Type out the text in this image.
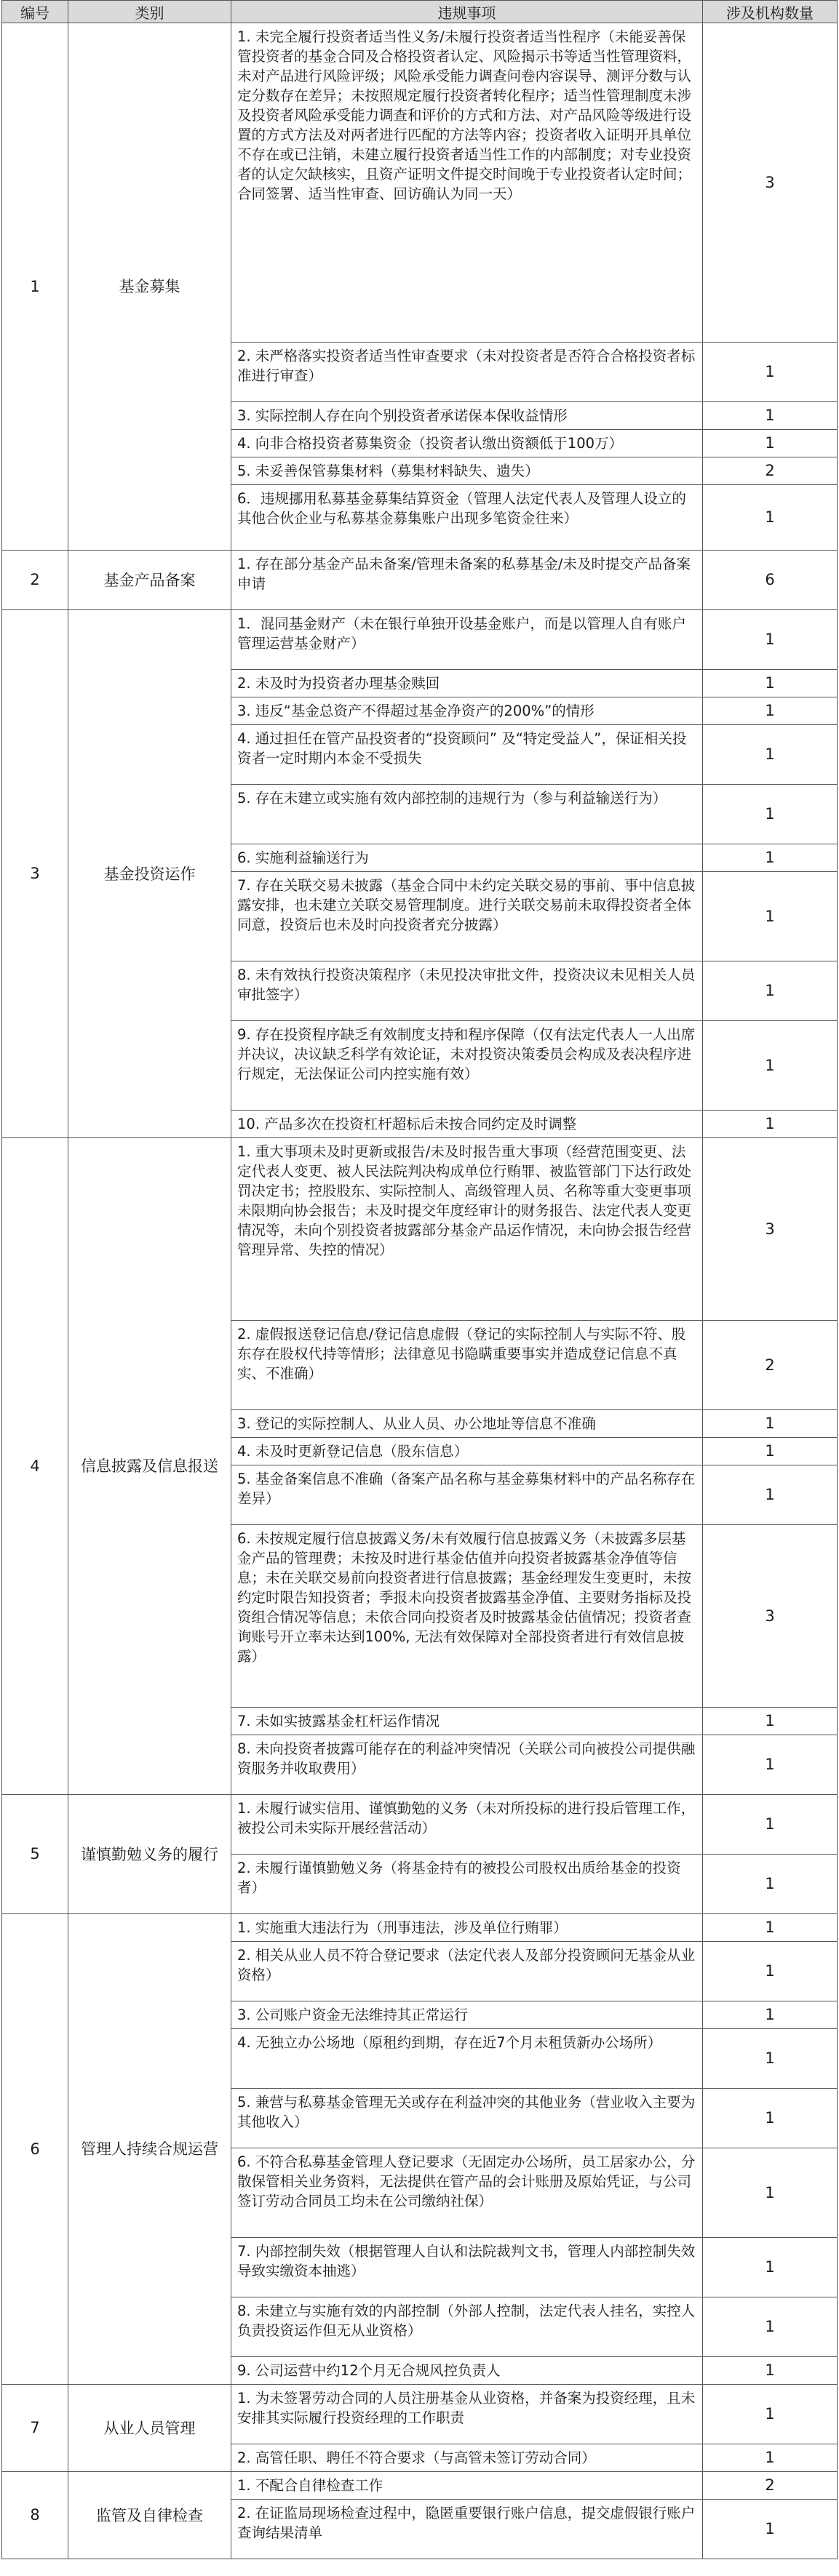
编号	类别	违规事项	涉及机构数量
1	基金募集	1. 未完全履行投资者适当性义务/未履行投资者适当性程序（未能妥善保管投资者的基金合同及合格投资者认定、风险揭示书等适当性管理资料，未对产品进行风险评级；风险承受能力调查问卷内容误导、测评分数与认定分数存在差异；未按照规定履行投资者转化程序；适当性管理制度未涉及投资者风险承受能力调查和评价的方式和方法、对产品风险等级进行设置的方式方法及对两者进行匹配的方法等内容；投资者收入证明开具单位不存在或已注销，未建立履行投资者适当性工作的内部制度；对专业投资者的认定欠缺核实，且资产证明文件提交时间晚于专业投资者认定时间；合同签署、适当性审查、回访确认为同一天）	3
		2. 未严格落实投资者适当性审查要求（未对投资者是否符合合格投资者标准进行审查）	1
		3. 实际控制人存在向个别投资者承诺保本保收益情形	1
		4. 向非合格投资者募集资金（投资者认缴出资额低于100万）	1
		5. 未妥善保管募集材料（募集材料缺失、遗失）	2
		6．违规挪用私募基金募集结算资金（管理人法定代表人及管理人设立的其他合伙企业与私募基金募集账户出现多笔资金往来）	1
2	基金产品备案	1. 存在部分基金产品未备案/管理未备案的私募基金/未及时提交产品备案申请	6
3	基金投资运作	1．混同基金财产（未在银行单独开设基金账户，而是以管理人自有账户管理运营基金财产）	1
		2. 未及时为投资者办理基金赎回	1
		3. 违反“基金总资产不得超过基金净资产的200%”的情形	1
		4. 通过担任在管产品投资者的“投资顾问” 及“特定受益人”，保证相关投资者一定时期内本金不受损失	1
		5. 存在未建立或实施有效内部控制的违规行为（参与利益输送行为）	1
		6. 实施利益输送行为	1
		7. 存在关联交易未披露（基金合同中未约定关联交易的事前、事中信息披露安排，也未建立关联交易管理制度。进行关联交易前未取得投资者全体同意，投资后也未及时向投资者充分披露）	1
		8. 未有效执行投资决策程序（未见投决审批文件，投资决议未见相关人员审批签字）	1
		9. 存在投资程序缺乏有效制度支持和程序保障（仅有法定代表人一人出席并决议，决议缺乏科学有效论证，未对投资决策委员会构成及表决程序进行规定，无法保证公司内控实施有效）	1
		10. 产品多次在投资杠杆超标后未按合同约定及时调整	1
4	信息披露及信息报送	1. 重大事项未及时更新或报告/未及时报告重大事项（经营范围变更、法定代表人变更、被人民法院判决构成单位行贿罪、被监管部门下达行政处罚决定书；控股股东、实际控制人、高级管理人员、名称等重大变更事项未限期向协会报告；未及时提交年度经审计的财务报告、法定代表人变更情况等，未向个别投资者披露部分基金产品运作情况，未向协会报告经营管理异常、失控的情况）	3
		2. 虚假报送登记信息/登记信息虚假（登记的实际控制人与实际不符、股东存在股权代持等情形；法律意见书隐瞒重要事实并造成登记信息不真实、不准确）	2
		3. 登记的实际控制人、从业人员、办公地址等信息不准确	1
		4. 未及时更新登记信息（股东信息）	1
		5. 基金备案信息不准确（备案产品名称与基金募集材料中的产品名称存在差异）	1
		6. 未按规定履行信息披露义务/未有效履行信息披露义务（未披露多层基金产品的管理费；未按及时进行基金估值并向投资者披露基金净值等信息；未在关联交易前向投资者进行信息披露；基金经理发生变更时，未按约定时限告知投资者；季报未向投资者披露基金净值、主要财务指标及投资组合情况等信息；未依合同向投资者及时披露基金估值情况；投资者查询账号开立率未达到100%, 无法有效保障对全部投资者进行有效信息披露）	3
		7. 未如实披露基金杠杆运作情况	1
		8. 未向投资者披露可能存在的利益冲突情况（关联公司向被投公司提供融资服务并收取费用）	1
5	谨慎勤勉义务的履行	1. 未履行诚实信用、谨慎勤勉的义务（未对所投标的进行投后管理工作，被投公司未实际开展经营活动）	1
		2. 未履行谨慎勤勉义务（将基金持有的被投公司股权出质给基金的投资者）	1
6	管理人持续合规运营	1. 实施重大违法行为（刑事违法，涉及单位行贿罪）	1
		2. 相关从业人员不符合登记要求（法定代表人及部分投资顾问无基金从业资格）	1
		3. 公司账户资金无法维持其正常运行	1
		4. 无独立办公场地（原租约到期，存在近7个月未租赁新办公场所）	1
		5. 兼营与私募基金管理无关或存在利益冲突的其他业务（营业收入主要为其他收入）	1
		6. 不符合私募基金管理人登记要求（无固定办公场所，员工居家办公，分散保管相关业务资料，无法提供在管产品的会计账册及原始凭证，与公司签订劳动合同员工均未在公司缴纳社保）	1
		7. 内部控制失效（根据管理人自认和法院裁判文书，管理人内部控制失效导致实缴资本抽逃）	1
		8. 未建立与实施有效的内部控制（外部人控制，法定代表人挂名，实控人负责投资运作但无从业资格）	1
		9. 公司运营中约12个月无合规风控负责人	1
7	从业人员管理	1. 为未签署劳动合同的人员注册基金从业资格，并备案为投资经理，且未安排其实际履行投资经理的工作职责	1
		2. 高管任职、聘任不符合要求（与高管未签订劳动合同）	1
8	监管及自律检查	1. 不配合自律检查工作	2
		2. 在证监局现场检查过程中，隐匿重要银行账户信息，提交虚假银行账户查询结果清单	1
